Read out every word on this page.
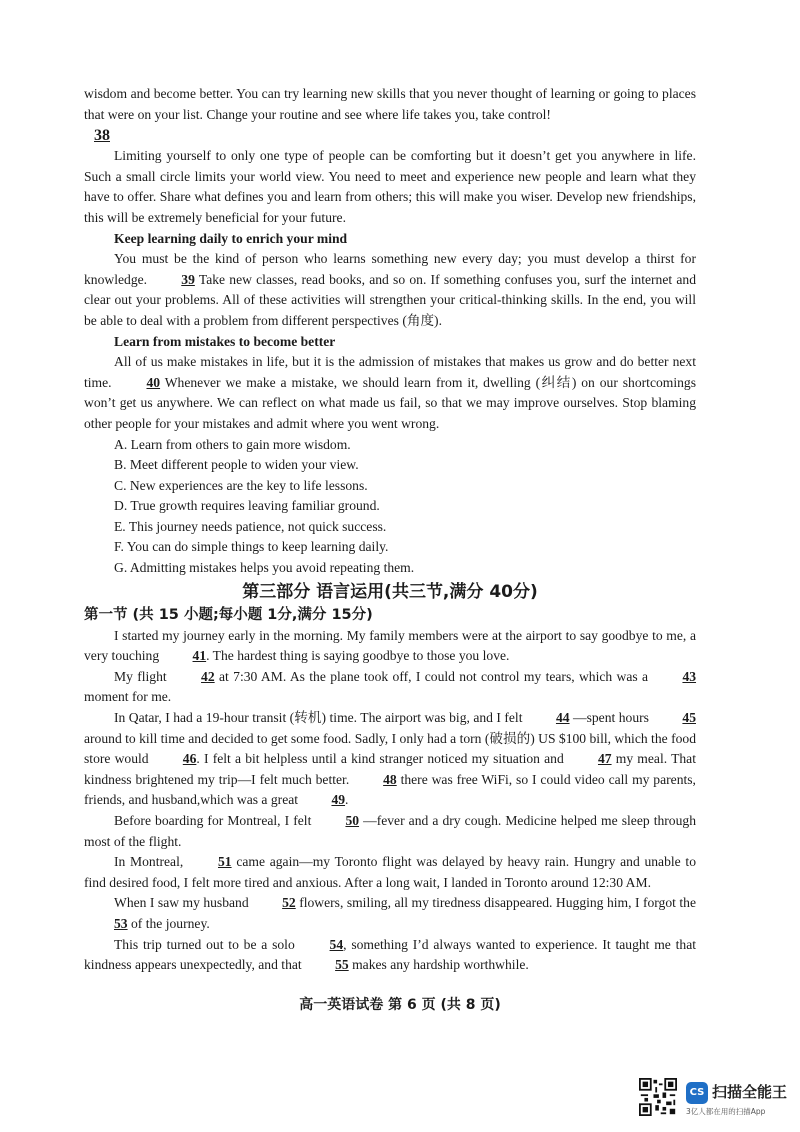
wisdom and become better. You can try learning new skills that you never thought of learning or going to places that were on your list. Change your routine and see where life takes you, take control!

38

Limiting yourself to only one type of people can be comforting but it doesn’t get you anywhere in life. Such a small circle limits your world view. You need to meet and experience new people and learn what they have to offer. Share what defines you and learn from others; this will make you wiser. Develop new friendships, this will be extremely beneficial for your future.

Keep learning daily to enrich your mind

You must be the kind of person who learns something new every day; you must develop a thirst for knowledge.	39 Take new classes, read books, and so on. If something confuses you, surf the internet and clear out your problems. All of these activities will strengthen your critical-thinking skills. In the end, you will be able to deal with a problem from different perspectives (角度).

Learn from mistakes to become better

All of us make mistakes in life, but it is the admission of mistakes that makes us grow and do better next time.	40 Whenever we make a mistake, we should learn from it, dwelling (纠结) on our shortcomings won’t get us anywhere. We can reflect on what made us fail, so that we may improve ourselves. Stop blaming other people for your mistakes and admit where you went wrong.

A. Learn from others to gain more wisdom.
B. Meet different people to widen your view.
C. New experiences are the key to life lessons.
D. True growth requires leaving familiar ground.
E. This journey needs patience, not quick success.
F. You can do simple things to keep learning daily.
G. Admitting mistakes helps you avoid repeating them.
第三部分 语言运用(共三节,满分 40分)
第一节 (共 15 小题;每小题 1分,满分 15分)

I started my journey early in the morning. My family members were at the airport to say goodbye to me, a very touching 41. The hardest thing is saying goodbye to those you love.

My flight	42 at 7:30 AM. As the plane took off, I could not control my tears, which was a	43 moment for me.

In Qatar, I had a 19-hour transit (转机) time. The airport was big, and I felt 44 —spent hours 45 around to kill time and decided to get some food. Sadly, I only had a torn (破损的) US $100 bill, which the food store would	46. I felt a bit helpless until a kind stranger noticed my situation and	47 my meal. That kindness brightened my trip—I felt much better. 48 there was free WiFi, so I could video call my parents, friends, and husband,which was a great 49.

Before boarding for Montreal, I felt	50 —fever and a dry cough. Medicine helped me sleep through most of the flight.

In Montreal,	51 came again—my Toronto flight was delayed by heavy rain. Hungry and unable to find desired food, I felt more tired and anxious. After a long wait, I landed in Toronto around 12:30 AM.

When I saw my husband 52 flowers, smiling, all my tiredness disappeared. Hugging him, I forgot the 53 of the journey.

This trip turned out to be a solo	54, something I’d always wanted to experience. It taught me that kindness appears unexpectedly, and that 55 makes any hardship worthwhile.

高一英语试卷 第 6 页 (共 8 页)
CS 扫描全能王
3亿人都在用的扫描App
